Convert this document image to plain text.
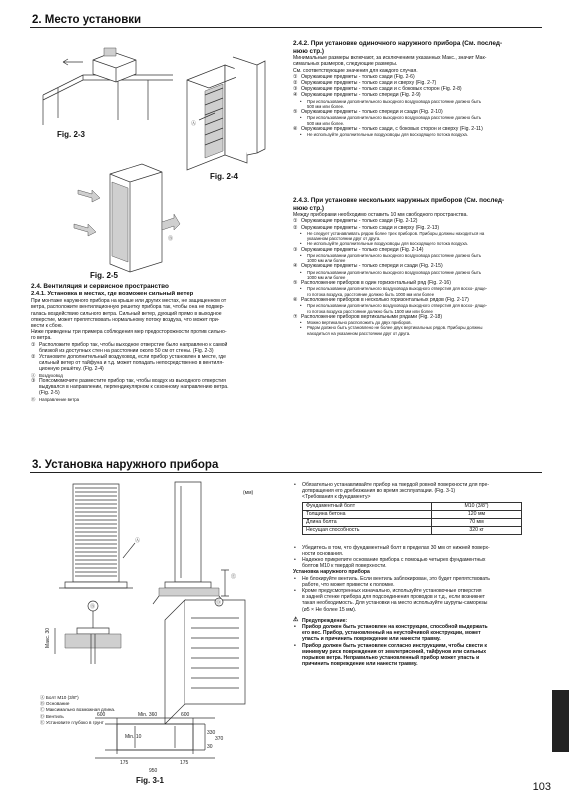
2. Место установки
Fig. 2-3
Ⓐ
Fig. 2-4
Ⓑ
Fig. 2-5
2.4. Вентиляция и сервисное пространство
2.4.1. Установка в местах, где возможен сильный ветер
При монтаже наружного прибора на крыше или других местах, не защищенном от
ветра, расположите вентиляционную решетку прибора так, чтобы она не подвер-
галась воздействию сильного ветра. Сильный ветер, дующий прямо в выходное
отверстие, может препятствовать нормальному потоку воздуха, что может при-
вести к сбою.
Ниже приведены три примера соблюдения мер предосторожности против сильно-
го ветра.
① Расположите прибор так, чтобы выходное отверстие было направлено к самой
близкой из доступных стен на расстоянии около 50 см от стены. (Fig. 2-3)
② Установите дополнительный воздуховод, если прибор установлен в месте, где
сильный ветер от тайфуна и т.д. может попадать непосредственно в вентиля-
ционную решётку. (Fig. 2-4)
Ⓐ Воздуховод
③ Поясомюмочите разместите прибор так, чтобы воздух из выходного отверстия
выдувался в направлении, перпендикулярном к сезонному направлению ветра.
(Fig. 2-5)
Ⓑ Направление ветра
2.4.2. При установке одиночного наружного прибора (См. послед-
нюю стр.)
Минимальные размеры включают, за исключением указанных Макс., значит Мак-
симальных размеров, следующие размеры.
См. соответствующие значения для каждого случая.
① Окружающие предметы - только сзади (Fig. 2-6)
② Окружающие предметы - только сзади и сверху (Fig. 2-7)
③ Окружающие предметы - только сзади и с боковых сторон (Fig. 2-8)
④ Окружающие предметы - только спереди (Fig. 2-9)
• При использовании дополнительного выходного воздуховода расстояние должно быть
500 мм или более.
⑤ Окружающие предметы - только спереди и сзади (Fig. 2-10)
• При использовании дополнительного выходного воздуховода расстояние должно быть
500 мм или более.
⑥ Окружающие предметы - только сзади, с боковых сторон и сверху (Fig. 2-11)
• Не используйте дополнительные воздуховоды для восходящего потока воздуха.
2.4.3. При установке нескольких наружных приборов (См. послед-
нюю стр.)
Между приборами необходимо оставить 10 мм свободного пространства.
① Окружающие предметы - только сзади (Fig. 2-12)
② Окружающие предметы - только сзади и сверху (Fig. 2-13)
• Не следует устанавливать рядом более трех приборов. Приборы должны находиться на
указанном расстоянии друг от друга.
• Не используйте дополнительные воздуховоды для восходящего потока воздуха.
③ Окружающие предметы - только спереди (Fig. 2-14)
• При использовании дополнительного выходного воздуховода расстояние должно быть
1000 мм или более
④ Окружающие предметы - только спереди и сзади (Fig. 2-15)
• При использовании дополнительного выходного воздуховода расстояние должно быть
1000 мм или более
⑤ Расположение приборов в один горизонтальный ряд (Fig. 2-16)
• При использовании дополнительного воздуховода выходного отверстия для восхо- дяще-
го потока воздуха, расстояние должно быть 1000 мм или более
⑥ Расположение приборов в несколько горизонтальных рядов (Fig. 2-17)
• При использовании дополнительного воздуховода выходного отверстия для восхо- дяще-
го потока воздуха расстояние должно быть 1500 мм или более
⑦ Расположение приборов вертикальными рядами (Fig. 2-18)
• Можно вертикально расположить до двух приборов.
• Рядом должно быть установлено не более двух вертикальных рядов. Приборы должны
находиться на указанном расстоянии друг от друга.
3. Установка наружного прибора
Ⓐ
Ⓔ
(мм)
Ⓑ
Макс. 30
Ⓓ
600	Min. 360	600
Min. 10
175	175
950
330
370
30
Ⓐ Болт M10 (3/8")
Ⓑ Основание
Ⓒ Максимально возможная длина.
Ⓓ Вентиль
Ⓔ Установите глубоко в грунт
Fig. 3-1
• Обязательно устанавливайте прибор на твердой ровной поверхности для пре-
дотвращения его дребезжания во время эксплуатации. (Fig. 3-1)
<Требования к фундаменту>
Фундаментный болт	M10 (3/8")
Толщина бетона	120 мм
Длина болта	70 мм
Несущая способность	320 кг
• Убедитесь в том, что фундаментный болт в пределах 30 мм от нижней поверх-
ности основания.
• Надежно прикрепите основание прибора с помощью четырех фундаментных
болтов M10 к твердой поверхности.
Установка наружного прибора
• Не блокируйте вентиль. Если вентиль заблокирован, это будет препятствовать
работе, что может привести к поломке.
• Кроме предусмотренных изначально, используйте установочные отверстия
в задней стенке прибора для подсоединения проводов и т.д., если возникнет
такая необходимость. Для установки на место используйте шурупы-саморезы
(ø5 × Не более 15 мм).
⚠ Предупреждение:
• Прибор должен быть установлен на конструкции, способной выдержать
его вес. Прибор, установленный на неустойчивой конструкции, может
упасть и причинить повреждение или нанести травму.
• Прибор должен быть установлен согласно инструкциям, чтобы свести к
минимуму риск повреждения от землетрясений, тайфунов или сильных
порывов ветра. Неправильно установленный прибор может упасть и
причинить повреждение или нанести травму.
103
